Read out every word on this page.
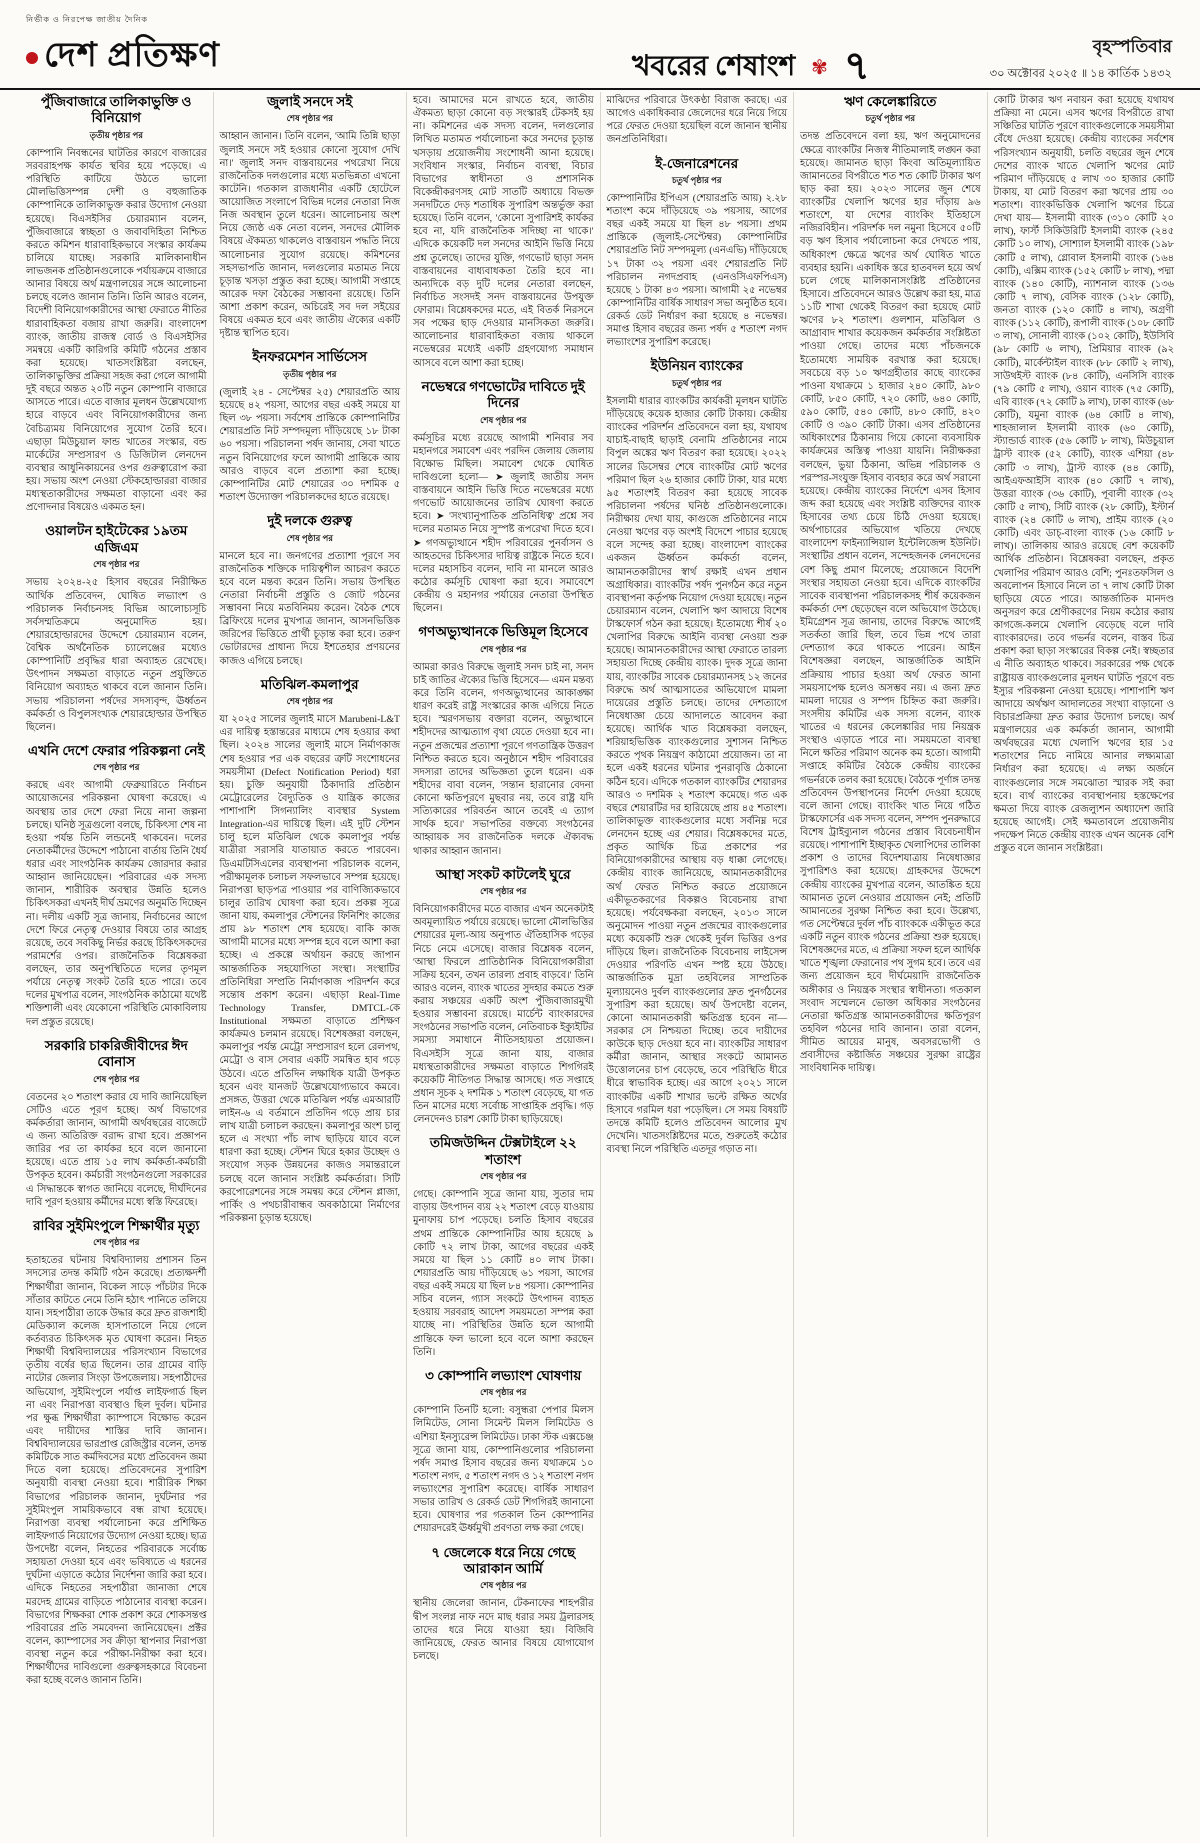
নির্ভীক ও নিরপেক্ষ জাতীয় দৈনিক
দেশ প্রতিক্ষণ	খবরের শেষাংশ ✾ ৭	বৃহস্পতিবার
৩০ অক্টোবর ২০২৫ ॥ ১৪ কার্তিক ১৪৩২
পুঁজিবাজারে তালিকাভুক্তি ও বিনিয়োগ
তৃতীয় পৃষ্ঠার পর

কোম্পানি নিবন্ধনের ঘাটতির কারণে বাজারের সরবরাহপক্ষ কার্যত স্থবির হয়ে পড়েছে। এ পরিস্থিতি কাটিয়ে উঠতে ভালো মৌলভিত্তিসম্পন্ন দেশী ও বহুজাতিক কোম্পানিকে তালিকাভুক্ত করার উদ্যোগ নেওয়া হয়েছে। বিএসইসির চেয়ারম্যান বলেন, পুঁজিবাজারে স্বচ্ছতা ও জবাবদিহিতা নিশ্চিত করতে কমিশন ধারাবাহিকভাবে সংস্কার কার্যক্রম চালিয়ে যাচ্ছে। সরকারি মালিকানাধীন লাভজনক প্রতিষ্ঠানগুলোকে পর্যায়ক্রমে বাজারে আনার বিষয়ে অর্থ মন্ত্রণালয়ের সঙ্গে আলোচনা চলছে বলেও জানান তিনি। তিনি আরও বলেন, বিদেশী বিনিয়োগকারীদের আস্থা ফেরাতে নীতির ধারাবাহিকতা বজায় রাখা জরুরি। বাংলাদেশ ব্যাংক, জাতীয় রাজস্ব বোর্ড ও বিএসইসির সমন্বয়ে একটি কারিগরি কমিটি গঠনের প্রস্তাব করা হয়েছে। খাতসংশ্লিষ্টরা বলছেন, তালিকাভুক্তির প্রক্রিয়া সহজ করা গেলে আগামী দুই বছরে অন্তত ২০টি নতুন কোম্পানি বাজারে আসতে পারে। এতে বাজার মূলধন উল্লেখযোগ্য হারে বাড়বে এবং বিনিয়োগকারীদের জন্য বৈচিত্র্যময় বিনিয়োগের সুযোগ তৈরি হবে। এছাড়া মিউচুয়াল ফান্ড খাতের সংস্কার, বন্ড মার্কেটের সম্প্রসারণ ও ডিজিটাল লেনদেন ব্যবস্থার আধুনিকায়নের ওপর গুরুত্বারোপ করা হয়। সভায় অংশ নেওয়া স্টেকহোল্ডাররা বাজার মধ্যস্থতাকারীদের সক্ষমতা বাড়ানো এবং কর প্রণোদনার বিষয়েও একমত হন।

ওয়ালটন হাইটেকের ১৯তম এজিএম
শেষ পৃষ্ঠার পর

সভায় ২০২৪-২৫ হিসাব বছরের নিরীক্ষিত আর্থিক প্রতিবেদন, ঘোষিত লভ্যাংশ ও পরিচালক নির্বাচনসহ বিভিন্ন আলোচ্যসূচি সর্বসম্মতিক্রমে অনুমোদিত হয়। শেয়ারহোল্ডারদের উদ্দেশে চেয়ারম্যান বলেন, বৈশ্বিক অর্থনৈতিক চ্যালেঞ্জের মধ্যেও কোম্পানিটি প্রবৃদ্ধির ধারা অব্যাহত রেখেছে। উৎপাদন সক্ষমতা বাড়াতে নতুন প্রযুক্তিতে বিনিয়োগ অব্যাহত থাকবে বলে জানান তিনি। সভায় পরিচালনা পর্ষদের সদস্যবৃন্দ, ঊর্ধ্বতন কর্মকর্তা ও বিপুলসংখ্যক শেয়ারহোল্ডার উপস্থিত ছিলেন।

এখনি দেশে ফেরার পরিকল্পনা নেই
শেষ পৃষ্ঠার পর

করছে এবং আগামী ফেব্রুয়ারিতে নির্বাচন আয়োজনের পরিকল্পনা ঘোষণা করেছে। এ অবস্থায় তার দেশে ফেরা নিয়ে নানা জল্পনা চলছে। ঘনিষ্ঠ সূত্রগুলো বলছে, চিকিৎসা শেষ না হওয়া পর্যন্ত তিনি লন্ডনেই থাকবেন। দলের নেতাকর্মীদের উদ্দেশে পাঠানো বার্তায় তিনি ধৈর্য ধরার এবং সাংগঠনিক কার্যক্রম জোরদার করার আহ্বান জানিয়েছেন। পরিবারের এক সদস্য জানান, শারীরিক অবস্থার উন্নতি হলেও চিকিৎসকরা এখনই দীর্ঘ ভ্রমণের অনুমতি দিচ্ছেন না। দলীয় একটি সূত্র জানায়, নির্বাচনের আগে দেশে ফিরে নেতৃত্ব দেওয়ার বিষয়ে তার আগ্রহ রয়েছে, তবে সবকিছু নির্ভর করছে চিকিৎসকদের পরামর্শের ওপর। রাজনৈতিক বিশ্লেষকরা বলছেন, তার অনুপস্থিতিতে দলের তৃণমূল পর্যায়ে নেতৃত্ব সংকট তৈরি হতে পারে। তবে দলের মুখপাত্র বলেন, সাংগঠনিক কাঠামো যথেষ্ট শক্তিশালী এবং যেকোনো পরিস্থিতি মোকাবিলায় দল প্রস্তুত রয়েছে।

সরকারি চাকরিজীবীদের ঈদ বোনাস
শেষ পৃষ্ঠার পর

বেতনের ২০ শতাংশ করার যে দাবি জানিয়েছিল সেটিও এতে পূরণ হচ্ছে। অর্থ বিভাগের কর্মকর্তারা জানান, আগামী অর্থবছরের বাজেটে এ জন্য অতিরিক্ত বরাদ্দ রাখা হবে। প্রজ্ঞাপন জারির পর তা কার্যকর হবে বলে জানানো হয়েছে। এতে প্রায় ১৫ লাখ কর্মকর্তা-কর্মচারী উপকৃত হবেন। কর্মচারী সংগঠনগুলো সরকারের এ সিদ্ধান্তকে স্বাগত জানিয়ে বলেছে, দীর্ঘদিনের দাবি পূরণ হওয়ায় কর্মীদের মধ্যে স্বস্তি ফিরেছে।

রাবির সুইমিংপুলে শিক্ষার্থীর মৃত্যু
শেষ পৃষ্ঠার পর

হতাহতের ঘটনায় বিশ্ববিদ্যালয় প্রশাসন তিন সদস্যের তদন্ত কমিটি গঠন করেছে। প্রত্যক্ষদর্শী শিক্ষার্থীরা জানান, বিকেল সাড়ে পাঁচটার দিকে সাঁতার কাটতে নেমে তিনি হঠাৎ পানিতে তলিয়ে যান। সহপাঠীরা তাকে উদ্ধার করে দ্রুত রাজশাহী মেডিক্যাল কলেজ হাসপাতালে নিয়ে গেলে কর্তব্যরত চিকিৎসক মৃত ঘোষণা করেন। নিহত শিক্ষার্থী বিশ্ববিদ্যালয়ের পরিসংখ্যান বিভাগের তৃতীয় বর্ষের ছাত্র ছিলেন। তার গ্রামের বাড়ি নাটোর জেলার সিংড়া উপজেলায়। সহপাঠীদের অভিযোগ, সুইমিংপুলে পর্যাপ্ত লাইফগার্ড ছিল না এবং নিরাপত্তা ব্যবস্থাও ছিল দুর্বল। ঘটনার পর ক্ষুব্ধ শিক্ষার্থীরা ক্যাম্পাসে বিক্ষোভ করেন এবং দায়ীদের শাস্তির দাবি জানান। বিশ্ববিদ্যালয়ের ভারপ্রাপ্ত রেজিস্ট্রার বলেন, তদন্ত কমিটিকে সাত কর্মদিবসের মধ্যে প্রতিবেদন জমা দিতে বলা হয়েছে। প্রতিবেদনের সুপারিশ অনুযায়ী ব্যবস্থা নেওয়া হবে। শারীরিক শিক্ষা বিভাগের পরিচালক জানান, দুর্ঘটনার পর সুইমিংপুল সাময়িকভাবে বন্ধ রাখা হয়েছে। নিরাপত্তা ব্যবস্থা পর্যালোচনা করে প্রশিক্ষিত লাইফগার্ড নিয়োগের উদ্যোগ নেওয়া হচ্ছে। ছাত্র উপদেষ্টা বলেন, নিহতের পরিবারকে সর্বোচ্চ সহায়তা দেওয়া হবে এবং ভবিষ্যতে এ ধরনের দুর্ঘটনা এড়াতে কঠোর নির্দেশনা জারি করা হবে। এদিকে নিহতের সহপাঠীরা জানাজা শেষে মরদেহ গ্রামের বাড়িতে পাঠানোর ব্যবস্থা করেন। বিভাগের শিক্ষকরা শোক প্রকাশ করে শোকসন্তপ্ত পরিবারের প্রতি সমবেদনা জানিয়েছেন। প্রক্টর বলেন, ক্যাম্পাসের সব ক্রীড়া স্থাপনার নিরাপত্তা ব্যবস্থা নতুন করে পরীক্ষা-নিরীক্ষা করা হবে। শিক্ষার্থীদের দাবিগুলো গুরুত্বসহকারে বিবেচনা করা হচ্ছে বলেও জানান তিনি।

জুলাই সনদে সই
শেষ পৃষ্ঠার পর

আহ্বান জানান। তিনি বলেন, 'আমি তিন্নি ছাড়া জুলাই সনদে সই হওয়ার কোনো সুযোগ দেখি না।' জুলাই সনদ বাস্তবায়নের পথরেখা নিয়ে রাজনৈতিক দলগুলোর মধ্যে মতভিন্নতা এখনো কাটেনি। গতকাল রাজধানীর একটি হোটেলে আয়োজিত সংলাপে বিভিন্ন দলের নেতারা নিজ নিজ অবস্থান তুলে ধরেন। আলোচনায় অংশ নিয়ে জ্যেষ্ঠ এক নেতা বলেন, সনদের মৌলিক বিষয়ে ঐকমত্য থাকলেও বাস্তবায়ন পদ্ধতি নিয়ে আলোচনার সুযোগ রয়েছে। কমিশনের সহসভাপতি জানান, দলগুলোর মতামত নিয়ে চূড়ান্ত খসড়া প্রস্তুত করা হচ্ছে। আগামী সপ্তাহে আরেক দফা বৈঠকের সম্ভাবনা রয়েছে। তিনি আশা প্রকাশ করেন, অচিরেই সব দল সইয়ের বিষয়ে একমত হবে এবং জাতীয় ঐক্যের একটি দৃষ্টান্ত স্থাপিত হবে।

ইনফরমেশন সার্ভিসেস
তৃতীয় পৃষ্ঠার পর

(জুলাই ২৪ - সেপ্টেম্বর ২৫) শেয়ারপ্রতি আয় হয়েছে ৪২ পয়সা, আগের বছর একই সময়ে যা ছিল ৩৮ পয়সা। সর্বশেষ প্রান্তিকে কোম্পানিটির শেয়ারপ্রতি নিট সম্পদমূল্য দাঁড়িয়েছে ১৮ টাকা ৬০ পয়সা। পরিচালনা পর্ষদ জানায়, সেবা খাতে নতুন বিনিয়োগের ফলে আগামী প্রান্তিকে আয় আরও বাড়বে বলে প্রত্যাশা করা হচ্ছে। কোম্পানিটির মোট শেয়ারের ৩০ দশমিক ৫ শতাংশ উদ্যোক্তা পরিচালকদের হাতে রয়েছে।

দুই দলকে গুরুত্ব
শেষ পৃষ্ঠার পর

মানলে হবে না। জনগণের প্রত্যাশা পূরণে সব রাজনৈতিক শক্তিকে দায়িত্বশীল আচরণ করতে হবে বলে মন্তব্য করেন তিনি। সভায় উপস্থিত নেতারা নির্বাচনী প্রস্তুতি ও জোট গঠনের সম্ভাবনা নিয়ে মতবিনিময় করেন। বৈঠক শেষে ব্রিফিংয়ে দলের মুখপাত্র জানান, আসনভিত্তিক জরিপের ভিত্তিতে প্রার্থী চূড়ান্ত করা হবে। তরুণ ভোটারদের প্রাধান্য দিয়ে ইশতেহার প্রণয়নের কাজও এগিয়ে চলছে।

মতিঝিল-কমলাপুর
শেষ পৃষ্ঠার পর

যা ২০২৫ সালের জুলাই মাসে Marubeni-L&T এর দায়িত্ব হস্তান্তরের মাধ্যমে শেষ হওয়ার কথা ছিল। ২০২৪ সালের জুলাই মাসে নির্মাণকাজ শেষ হওয়ার পর এক বছরের ত্রুটি সংশোধনের সময়সীমা (Defect Notification Period) ধরা হয়। চুক্তি অনুযায়ী ঠিকাদারি প্রতিষ্ঠান মেট্রোরেলের বৈদ্যুতিক ও যান্ত্রিক কাজের পাশাপাশি সিগন্যালিং ব্যবস্থার System Integration-এর দায়িত্বে ছিল। এই দুটি স্টেশন চালু হলে মতিঝিল থেকে কমলাপুর পর্যন্ত যাত্রীরা সরাসরি যাতায়াত করতে পারবেন। ডিএমটিসিএলের ব্যবস্থাপনা পরিচালক বলেন, পরীক্ষামূলক চলাচল সফলভাবে সম্পন্ন হয়েছে। নিরাপত্তা ছাড়পত্র পাওয়ার পর বাণিজ্যিকভাবে চালুর তারিখ ঘোষণা করা হবে। প্রকল্প সূত্রে জানা যায়, কমলাপুর স্টেশনের ফিনিশিং কাজের প্রায় ৯৮ শতাংশ শেষ হয়েছে। বাকি কাজ আগামী মাসের মধ্যে সম্পন্ন হবে বলে আশা করা হচ্ছে। এ প্রকল্পে অর্থায়ন করছে জাপান আন্তর্জাতিক সহযোগিতা সংস্থা। সংস্থাটির প্রতিনিধিরা সম্প্রতি নির্মাণকাজ পরিদর্শন করে সন্তোষ প্রকাশ করেন। এছাড়া Real-Time Technology Transfer, DMTCL-কে Institutional সক্ষমতা বাড়াতে প্রশিক্ষণ কার্যক্রমও চলমান রয়েছে। বিশেষজ্ঞরা বলছেন, কমলাপুর পর্যন্ত মেট্রো সম্প্রসারণ হলে রেলপথ, মেট্রো ও বাস সেবার একটি সমন্বিত হাব গড়ে উঠবে। এতে প্রতিদিন লক্ষাধিক যাত্রী উপকৃত হবেন এবং যানজট উল্লেখযোগ্যভাবে কমবে। প্রসঙ্গত, উত্তরা থেকে মতিঝিল পর্যন্ত এমআরটি লাইন-৬ এ বর্তমানে প্রতিদিন গড়ে প্রায় চার লাখ যাত্রী চলাচল করছেন। কমলাপুর অংশ চালু হলে এ সংখ্যা পাঁচ লাখ ছাড়িয়ে যাবে বলে ধারণা করা হচ্ছে। স্টেশন ঘিরে হকার উচ্ছেদ ও সংযোগ সড়ক উন্নয়নের কাজও সমান্তরালে চলছে বলে জানান সংশ্লিষ্ট কর্মকর্তারা। সিটি করপোরেশনের সঙ্গে সমন্বয় করে স্টেশন প্লাজা, পার্কিং ও পথচারীবান্ধব অবকাঠামো নির্মাণের পরিকল্পনা চূড়ান্ত হয়েছে।

হবে। আমাদের মনে রাখতে হবে, জাতীয় ঐকমত্য ছাড়া কোনো বড় সংস্কারই টেকসই হয় না। কমিশনের এক সদস্য বলেন, দলগুলোর লিখিত মতামত পর্যালোচনা করে সনদের চূড়ান্ত খসড়ায় প্রয়োজনীয় সংশোধনী আনা হয়েছে। সংবিধান সংস্কার, নির্বাচন ব্যবস্থা, বিচার বিভাগের স্বাধীনতা ও প্রশাসনিক বিকেন্দ্রীকরণসহ মোট সাতটি অধ্যায়ে বিভক্ত সনদটিতে দেড় শতাধিক সুপারিশ অন্তর্ভুক্ত করা হয়েছে। তিনি বলেন, 'কোনো সুপারিশই কার্যকর হবে না, যদি রাজনৈতিক সদিচ্ছা না থাকে।' এদিকে কয়েকটি দল সনদের আইনি ভিত্তি নিয়ে প্রশ্ন তুলেছে। তাদের যুক্তি, গণভোট ছাড়া সনদ বাস্তবায়নের বাধ্যবাধকতা তৈরি হবে না। অন্যদিকে বড় দুটি দলের নেতারা বলছেন, নির্বাচিত সংসদই সনদ বাস্তবায়নের উপযুক্ত ফোরাম। বিশ্লেষকদের মতে, এই বিতর্ক নিরসনে সব পক্ষের ছাড় দেওয়ার মানসিকতা জরুরি। আলোচনার ধারাবাহিকতা বজায় থাকলে নভেম্বরের মধ্যেই একটি গ্রহণযোগ্য সমাধান আসবে বলে আশা করা হচ্ছে।

নভেম্বরে গণভোটের দাবিতে দুই দিনের
শেষ পৃষ্ঠার পর

কর্মসূচির মধ্যে রয়েছে আগামী শনিবার সব মহানগরে সমাবেশ এবং পরদিন জেলায় জেলায় বিক্ষোভ মিছিল। সমাবেশ থেকে ঘোষিত দাবিগুলো হলো— ➤ জুলাই জাতীয় সনদ বাস্তবায়নে আইনি ভিত্তি দিতে নভেম্বরের মধ্যে গণভোট আয়োজনের তারিখ ঘোষণা করতে হবে। ➤ 'সংখ্যানুপাতিক প্রতিনিধিত্ব' প্রশ্নে সব দলের মতামত নিয়ে সুস্পষ্ট রূপরেখা দিতে হবে। ➤ গণঅভ্যুত্থানে শহীদ পরিবারের পুনর্বাসন ও আহতদের চিকিৎসার দায়িত্ব রাষ্ট্রকে নিতে হবে। দলের মহাসচিব বলেন, দাবি না মানলে আরও কঠোর কর্মসূচি ঘোষণা করা হবে। সমাবেশে কেন্দ্রীয় ও মহানগর পর্যায়ের নেতারা উপস্থিত ছিলেন।

গণঅভ্যুত্থানকে ভিত্তিমূল হিসেবে
শেষ পৃষ্ঠার পর

আমরা কারও বিরুদ্ধে জুলাই সনদ চাই না, সনদ চাই জাতির ঐক্যের ভিত্তি হিসেবে— এমন মন্তব্য করে তিনি বলেন, গণঅভ্যুত্থানের আকাঙ্ক্ষা ধারণ করেই রাষ্ট্র সংস্কারের কাজ এগিয়ে নিতে হবে। স্মরণসভায় বক্তারা বলেন, অভ্যুত্থানে শহীদদের আত্মত্যাগ বৃথা যেতে দেওয়া হবে না। নতুন প্রজন্মের প্রত্যাশা পূরণে গণতান্ত্রিক উত্তরণ নিশ্চিত করতে হবে। অনুষ্ঠানে শহীদ পরিবারের সদস্যরা তাদের অভিজ্ঞতা তুলে ধরেন। এক শহীদের বাবা বলেন, 'সন্তান হারানোর বেদনা কোনো ক্ষতিপূরণে মুছবার নয়, তবে রাষ্ট্র যদি সত্যিকারের পরিবর্তন আনে তবেই এ ত্যাগ সার্থক হবে।' সভাপতির বক্তব্যে সংগঠনের আহ্বায়ক সব রাজনৈতিক দলকে ঐক্যবদ্ধ থাকার আহ্বান জানান।

আস্থা সংকট কাটলেই ঘুরে
শেষ পৃষ্ঠার পর

বিনিয়োগকারীদের মতে বাজার এখন অনেকটাই অবমূল্যায়িত পর্যায়ে রয়েছে। ভালো মৌলভিত্তির শেয়ারের মূল্য-আয় অনুপাত ঐতিহাসিক গড়ের নিচে নেমে এসেছে। বাজার বিশ্লেষক বলেন, 'আস্থা ফিরলে প্রাতিষ্ঠানিক বিনিয়োগকারীরা সক্রিয় হবেন, তখন তারল্য প্রবাহ বাড়বে।' তিনি আরও বলেন, ব্যাংক খাতের সুদহার কমতে শুরু করায় সঞ্চয়ের একটি অংশ পুঁজিবাজারমুখী হওয়ার সম্ভাবনা রয়েছে। মার্চেন্ট ব্যাংকারদের সংগঠনের সভাপতি বলেন, নেতিবাচক ইক্যুইটির সমস্যা সমাধানে নীতিসহায়তা প্রয়োজন। বিএসইসি সূত্রে জানা যায়, বাজার মধ্যস্থতাকারীদের সক্ষমতা বাড়াতে শিগগিরই কয়েকটি নীতিগত সিদ্ধান্ত আসছে। গত সপ্তাহে প্রধান সূচক ২ দশমিক ১ শতাংশ বেড়েছে, যা গত তিন মাসের মধ্যে সর্বোচ্চ সাপ্তাহিক প্রবৃদ্ধি। গড় লেনদেনও চারশ কোটি টাকা ছাড়িয়েছে।

তমিজউদ্দিন টেক্সটাইলে ২২ শতাংশ
শেষ পৃষ্ঠার পর

গেছে। কোম্পানি সূত্রে জানা যায়, সুতার দাম বাড়ায় উৎপাদন ব্যয় ২২ শতাংশ বেড়ে যাওয়ায় মুনাফায় চাপ পড়েছে। চলতি হিসাব বছরের প্রথম প্রান্তিকে কোম্পানিটির আয় হয়েছে ৯ কোটি ৭২ লাখ টাকা, আগের বছরের একই সময়ে যা ছিল ১১ কোটি ৪০ লাখ টাকা। শেয়ারপ্রতি আয় দাঁড়িয়েছে ৬১ পয়সা, আগের বছর একই সময়ে যা ছিল ৮৪ পয়সা। কোম্পানির সচিব বলেন, গ্যাস সংকটে উৎপাদন ব্যাহত হওয়ায় সরবরাহ আদেশ সময়মতো সম্পন্ন করা যাচ্ছে না। পরিস্থিতির উন্নতি হলে আগামী প্রান্তিকে ফল ভালো হবে বলে আশা করছেন তিনি।

৩ কোম্পানি লভ্যাংশ ঘোষণায়
শেষ পৃষ্ঠার পর

কোম্পানি তিনটি হলো: বসুন্ধরা পেপার মিলস লিমিটেড, সোনা সিমেন্ট মিলস লিমিটেড ও এশিয়া ইনস্যুরেন্স লিমিটেড। ঢাকা স্টক এক্সচেঞ্জ সূত্রে জানা যায়, কোম্পানিগুলোর পরিচালনা পর্ষদ সমাপ্ত হিসাব বছরের জন্য যথাক্রমে ১০ শতাংশ নগদ, ৫ শতাংশ নগদ ও ১২ শতাংশ নগদ লভ্যাংশের সুপারিশ করেছে। বার্ষিক সাধারণ সভার তারিখ ও রেকর্ড ডেট শিগগিরই জানানো হবে। ঘোষণার পর গতকাল তিন কোম্পানির শেয়ারদরেই ঊর্ধ্বমুখী প্রবণতা লক্ষ করা গেছে।

৭ জেলেকে ধরে নিয়ে গেছে আরাকান আর্মি
শেষ পৃষ্ঠার পর

স্থানীয় জেলেরা জানান, টেকনাফের শাহপরীর দ্বীপ সংলগ্ন নাফ নদে মাছ ধরার সময় ট্রলারসহ তাদের ধরে নিয়ে যাওয়া হয়। বিজিবি জানিয়েছে, ফেরত আনার বিষয়ে যোগাযোগ চলছে।

মাঝিদের পরিবারে উৎকণ্ঠা বিরাজ করছে। এর আগেও একাধিকবার জেলেদের ধরে নিয়ে গিয়ে পরে ফেরত দেওয়া হয়েছিল বলে জানান স্থানীয় জনপ্রতিনিধিরা।

ই-জেনারেশনের
চতুর্থ পৃষ্ঠার পর

কোম্পানিটির ইপিএস (শেয়ারপ্রতি আয়) ২.২৮ শতাংশ কমে দাঁড়িয়েছে ৩৯ পয়সায়, আগের বছর একই সময়ে যা ছিল ৪৮ পয়সা। প্রথম প্রান্তিকে (জুলাই-সেপ্টেম্বর) কোম্পানিটির শেয়ারপ্রতি নিট সম্পদমূল্য (এনএভি) দাঁড়িয়েছে ১৭ টাকা ৩২ পয়সা এবং শেয়ারপ্রতি নিট পরিচালন নগদপ্রবাহ (এনওসিএফপিএস) হয়েছে ১ টাকা ৪৩ পয়সা। আগামী ২৫ নভেম্বর কোম্পানিটির বার্ষিক সাধারণ সভা অনুষ্ঠিত হবে। রেকর্ড ডেট নির্ধারণ করা হয়েছে ৪ নভেম্বর। সমাপ্ত হিসাব বছরের জন্য পর্ষদ ৫ শতাংশ নগদ লভ্যাংশের সুপারিশ করেছে।

ইউনিয়ন ব্যাংকের
চতুর্থ পৃষ্ঠার পর

ইসলামী ধারার ব্যাংকটির কার্যকরী মূলধন ঘাটতি দাঁড়িয়েছে কয়েক হাজার কোটি টাকায়। কেন্দ্রীয় ব্যাংকের পরিদর্শন প্রতিবেদনে বলা হয়, যথাযথ যাচাই-বাছাই ছাড়াই বেনামি প্রতিষ্ঠানের নামে বিপুল অঙ্কের ঋণ বিতরণ করা হয়েছে। ২০২২ সালের ডিসেম্বর শেষে ব্যাংকটির মোট ঋণের পরিমাণ ছিল ২৬ হাজার কোটি টাকা, যার মধ্যে ৯৫ শতাংশই বিতরণ করা হয়েছে সাবেক পরিচালনা পর্ষদের ঘনিষ্ঠ প্রতিষ্ঠানগুলোকে। নিরীক্ষায় দেখা যায়, কাগুজে প্রতিষ্ঠানের নামে নেওয়া ঋণের বড় অংশই বিদেশে পাচার হয়েছে বলে সন্দেহ করা হচ্ছে। বাংলাদেশ ব্যাংকের একজন ঊর্ধ্বতন কর্মকর্তা বলেন, আমানতকারীদের স্বার্থ রক্ষাই এখন প্রধান অগ্রাধিকার। ব্যাংকটির পর্ষদ পুনর্গঠন করে নতুন ব্যবস্থাপনা কর্তৃপক্ষ নিয়োগ দেওয়া হয়েছে। নতুন চেয়ারম্যান বলেন, খেলাপি ঋণ আদায়ে বিশেষ টাস্কফোর্স গঠন করা হয়েছে। ইতোমধ্যে শীর্ষ ২০ খেলাপির বিরুদ্ধে আইনি ব্যবস্থা নেওয়া শুরু হয়েছে। আমানতকারীদের আস্থা ফেরাতে তারল্য সহায়তা দিচ্ছে কেন্দ্রীয় ব্যাংক। দুদক সূত্রে জানা যায়, ব্যাংকটির সাবেক চেয়ারম্যানসহ ১২ জনের বিরুদ্ধে অর্থ আত্মসাতের অভিযোগে মামলা দায়েরের প্রস্তুতি চলছে। তাদের দেশত্যাগে নিষেধাজ্ঞা চেয়ে আদালতে আবেদন করা হয়েছে। আর্থিক খাত বিশ্লেষকরা বলছেন, শরিয়াহভিত্তিক ব্যাংকগুলোর সুশাসন নিশ্চিত করতে পৃথক নিয়ন্ত্রণ কাঠামো প্রয়োজন। তা না হলে একই ধরনের ঘটনার পুনরাবৃত্তি ঠেকানো কঠিন হবে। এদিকে গতকাল ব্যাংকটির শেয়ারদর আরও ৩ দশমিক ২ শতাংশ কমেছে। গত এক বছরে শেয়ারটির দর হারিয়েছে প্রায় ৪৫ শতাংশ। তালিকাভুক্ত ব্যাংকগুলোর মধ্যে সর্বনিম্ন দরে লেনদেন হচ্ছে এর শেয়ার। বিশ্লেষকদের মতে, প্রকৃত আর্থিক চিত্র প্রকাশের পর বিনিয়োগকারীদের আস্থায় বড় ধাক্কা লেগেছে। কেন্দ্রীয় ব্যাংক জানিয়েছে, আমানতকারীদের অর্থ ফেরত নিশ্চিত করতে প্রয়োজনে একীভূতকরণের বিকল্পও বিবেচনায় রাখা হয়েছে। পর্যবেক্ষকরা বলছেন, ২০১৩ সালে অনুমোদন পাওয়া নতুন প্রজন্মের ব্যাংকগুলোর মধ্যে কয়েকটি শুরু থেকেই দুর্বল ভিত্তির ওপর দাঁড়িয়ে ছিল। রাজনৈতিক বিবেচনায় লাইসেন্স দেওয়ার পরিণতি এখন স্পষ্ট হয়ে উঠছে। আন্তর্জাতিক মুদ্রা তহবিলের সাম্প্রতিক মূল্যায়নেও দুর্বল ব্যাংকগুলোর দ্রুত পুনর্গঠনের সুপারিশ করা হয়েছে। অর্থ উপদেষ্টা বলেন, কোনো আমানতকারী ক্ষতিগ্রস্ত হবেন না— সরকার সে নিশ্চয়তা দিচ্ছে। তবে দায়ীদের কাউকে ছাড় দেওয়া হবে না। ব্যাংকটির সাধারণ কর্মীরা জানান, আস্থার সংকটে আমানত উত্তোলনের চাপ বেড়েছে, তবে পরিস্থিতি ধীরে ধীরে স্বাভাবিক হচ্ছে। এর আগে ২০২১ সালে ব্যাংকটির একটি শাখার ভল্টে রক্ষিত অর্থের হিসাবে গরমিল ধরা পড়েছিল। সে সময় বিষয়টি তদন্তে কমিটি হলেও প্রতিবেদন আলোর মুখ দেখেনি। খাতসংশ্লিষ্টদের মতে, শুরুতেই কঠোর ব্যবস্থা নিলে পরিস্থিতি এতদূর গড়াত না।

ঋণ কেলেঙ্কারিতে
চতুর্থ পৃষ্ঠার পর

তদন্ত প্রতিবেদনে বলা হয়, ঋণ অনুমোদনের ক্ষেত্রে ব্যাংকটির নিজস্ব নীতিমালাই লঙ্ঘন করা হয়েছে। জামানত ছাড়া কিংবা অতিমূল্যায়িত জামানতের বিপরীতে শত শত কোটি টাকার ঋণ ছাড় করা হয়। ২০২৩ সালের জুন শেষে ব্যাংকটির খেলাপি ঋণের হার দাঁড়ায় ৯৬ শতাংশে, যা দেশের ব্যাংকিং ইতিহাসে নজিরবিহীন। পরিদর্শক দল নমুনা হিসেবে ৫০টি বড় ঋণ হিসাব পর্যালোচনা করে দেখতে পায়, অধিকাংশ ক্ষেত্রে ঋণের অর্থ ঘোষিত খাতে ব্যবহার হয়নি। একাধিক স্তরে হাতবদল হয়ে অর্থ চলে গেছে মালিকানাসংশ্লিষ্ট প্রতিষ্ঠানের হিসাবে। প্রতিবেদনে আরও উল্লেখ করা হয়, মাত্র ১১টি শাখা থেকেই বিতরণ করা হয়েছে মোট ঋণের ৮২ শতাংশ। গুলশান, মতিঝিল ও আগ্রাবাদ শাখার কয়েকজন কর্মকর্তার সংশ্লিষ্টতা পাওয়া গেছে। তাদের মধ্যে পাঁচজনকে ইতোমধ্যে সাময়িক বরখাস্ত করা হয়েছে। সবচেয়ে বড় ১০ ঋণগ্রহীতার কাছে ব্যাংকের পাওনা যথাক্রমে ১ হাজার ২৪০ কোটি, ৯৮০ কোটি, ৮৫০ কোটি, ৭২০ কোটি, ৬৪০ কোটি, ৫৯০ কোটি, ৫৪০ কোটি, ৪৮০ কোটি, ৪২০ কোটি ও ৩৯০ কোটি টাকা। এসব প্রতিষ্ঠানের অধিকাংশের ঠিকানায় গিয়ে কোনো ব্যবসায়িক কার্যক্রমের অস্তিত্ব পাওয়া যায়নি। নিরীক্ষকরা বলছেন, ভুয়া ঠিকানা, অভিন্ন পরিচালক ও পরস্পর-সংযুক্ত হিসাব ব্যবহার করে অর্থ সরানো হয়েছে। কেন্দ্রীয় ব্যাংকের নির্দেশে এসব হিসাব জব্দ করা হয়েছে এবং সংশ্লিষ্ট ব্যক্তিদের ব্যাংক হিসাবের তথ্য চেয়ে চিঠি দেওয়া হয়েছে। অর্থপাচারের অভিযোগ খতিয়ে দেখছে বাংলাদেশ ফাইন্যান্সিয়াল ইন্টেলিজেন্স ইউনিট। সংস্থাটির প্রধান বলেন, সন্দেহজনক লেনদেনের বেশ কিছু প্রমাণ মিলেছে; প্রয়োজনে বিদেশি সংস্থার সহায়তা নেওয়া হবে। এদিকে ব্যাংকটির সাবেক ব্যবস্থাপনা পরিচালকসহ শীর্ষ কয়েকজন কর্মকর্তা দেশ ছেড়েছেন বলে অভিযোগ উঠেছে। ইমিগ্রেশন সূত্র জানায়, তাদের বিরুদ্ধে আগেই সতর্কতা জারি ছিল, তবে ভিন্ন পথে তারা দেশত্যাগ করে থাকতে পারেন। আইন বিশেষজ্ঞরা বলছেন, আন্তর্জাতিক আইনি প্রক্রিয়ায় পাচার হওয়া অর্থ ফেরত আনা সময়সাপেক্ষ হলেও অসম্ভব নয়। এ জন্য দ্রুত মামলা দায়ের ও সম্পদ চিহ্নিত করা জরুরি। সংসদীয় কমিটির এক সদস্য বলেন, ব্যাংক খাতের এ ধরনের কেলেঙ্কারির দায় নিয়ন্ত্রক সংস্থাও এড়াতে পারে না। সময়মতো ব্যবস্থা নিলে ক্ষতির পরিমাণ অনেক কম হতো। আগামী সপ্তাহে কমিটির বৈঠকে কেন্দ্রীয় ব্যাংকের গভর্নরকে তলব করা হয়েছে। বৈঠকে পূর্ণাঙ্গ তদন্ত প্রতিবেদন উপস্থাপনের নির্দেশ দেওয়া হয়েছে বলে জানা গেছে। ব্যাংকিং খাত নিয়ে গঠিত টাস্কফোর্সের এক সদস্য বলেন, সম্পদ পুনরুদ্ধারে বিশেষ ট্রাইব্যুনাল গঠনের প্রস্তাব বিবেচনাধীন রয়েছে। পাশাপাশি ইচ্ছাকৃত খেলাপিদের তালিকা প্রকাশ ও তাদের বিদেশযাত্রায় নিষেধাজ্ঞার সুপারিশও করা হয়েছে। গ্রাহকদের উদ্দেশে কেন্দ্রীয় ব্যাংকের মুখপাত্র বলেন, আতঙ্কিত হয়ে আমানত তুলে নেওয়ার প্রয়োজন নেই; প্রতিটি আমানতের সুরক্ষা নিশ্চিত করা হবে। উল্লেখ্য, গত সেপ্টেম্বরে দুর্বল পাঁচ ব্যাংককে একীভূত করে একটি নতুন ব্যাংক গঠনের প্রক্রিয়া শুরু হয়েছে। বিশেষজ্ঞদের মতে, এ প্রক্রিয়া সফল হলে আর্থিক খাতে শৃঙ্খলা ফেরানোর পথ সুগম হবে। তবে এর জন্য প্রয়োজন হবে দীর্ঘমেয়াদি রাজনৈতিক অঙ্গীকার ও নিয়ন্ত্রক সংস্থার স্বাধীনতা। গতকাল সংবাদ সম্মেলনে ভোক্তা অধিকার সংগঠনের নেতারা ক্ষতিগ্রস্ত আমানতকারীদের ক্ষতিপূরণ তহবিল গঠনের দাবি জানান। তারা বলেন, সীমিত আয়ের মানুষ, অবসরভোগী ও প্রবাসীদের কষ্টার্জিত সঞ্চয়ের সুরক্ষা রাষ্ট্রের সাংবিধানিক দায়িত্ব।

কোটি টাকার ঋণ নবায়ন করা হয়েছে যথাযথ প্রক্রিয়া না মেনে। এসব ঋণের বিপরীতে রাখা সঞ্চিতির ঘাটতি পূরণে ব্যাংকগুলোকে সময়সীমা বেঁধে দেওয়া হয়েছে। কেন্দ্রীয় ব্যাংকের সর্বশেষ পরিসংখ্যান অনুযায়ী, চলতি বছরের জুন শেষে দেশের ব্যাংক খাতে খেলাপি ঋণের মোট পরিমাণ দাঁড়িয়েছে ৫ লাখ ৩০ হাজার কোটি টাকায়, যা মোট বিতরণ করা ঋণের প্রায় ৩০ শতাংশ। ব্যাংকভিত্তিক খেলাপি ঋণের চিত্রে দেখা যায়— ইসলামী ব্যাংক (৩১০ কোটি ২০ লাখ), ফার্স্ট সিকিউরিটি ইসলামী ব্যাংক (২৪৫ কোটি ১০ লাখ), সোশ্যাল ইসলামী ব্যাংক (১৯৮ কোটি ৫ লাখ), গ্লোবাল ইসলামী ব্যাংক (১৬৪ কোটি), এক্সিম ব্যাংক (১৫২ কোটি ৮ লাখ), পদ্মা ব্যাংক (১৪০ কোটি), ন্যাশনাল ব্যাংক (১৩৬ কোটি ৭ লাখ), বেসিক ব্যাংক (১২৮ কোটি), জনতা ব্যাংক (১২০ কোটি ৪ লাখ), অগ্রণী ব্যাংক (১১২ কোটি), রূপালী ব্যাংক (১০৮ কোটি ৩ লাখ), সোনালী ব্যাংক (১০২ কোটি), ইউসিবি (৯৮ কোটি ৬ লাখ), প্রিমিয়ার ব্যাংক (৯২ কোটি), মার্কেন্টাইল ব্যাংক (৮৮ কোটি ২ লাখ), সাউথইস্ট ব্যাংক (৮৪ কোটি), এনসিসি ব্যাংক (৭৯ কোটি ৫ লাখ), ওয়ান ব্যাংক (৭৫ কোটি), এবি ব্যাংক (৭২ কোটি ৯ লাখ), ঢাকা ব্যাংক (৬৮ কোটি), যমুনা ব্যাংক (৬৪ কোটি ৪ লাখ), শাহজালাল ইসলামী ব্যাংক (৬০ কোটি), স্ট্যান্ডার্ড ব্যাংক (৫৬ কোটি ৮ লাখ), মিউচুয়াল ট্রাস্ট ব্যাংক (৫২ কোটি), ব্যাংক এশিয়া (৪৮ কোটি ৩ লাখ), ট্রাস্ট ব্যাংক (৪৪ কোটি), আইএফআইসি ব্যাংক (৪০ কোটি ৭ লাখ), উত্তরা ব্যাংক (৩৬ কোটি), পূবালী ব্যাংক (৩২ কোটি ৫ লাখ), সিটি ব্যাংক (২৮ কোটি), ইস্টার্ন ব্যাংক (২৪ কোটি ৬ লাখ), প্রাইম ব্যাংক (২০ কোটি) এবং ডাচ্-বাংলা ব্যাংক (১৬ কোটি ৮ লাখ)। তালিকায় আরও রয়েছে বেশ কয়েকটি আর্থিক প্রতিষ্ঠান। বিশ্লেষকরা বলছেন, প্রকৃত খেলাপির পরিমাণ আরও বেশি; পুনঃতফসিল ও অবলোপন হিসাবে নিলে তা ৭ লাখ কোটি টাকা ছাড়িয়ে যেতে পারে। আন্তর্জাতিক মানদণ্ড অনুসরণ করে শ্রেণীকরণের নিয়ম কঠোর করায় কাগজে-কলমে খেলাপি বেড়েছে বলে দাবি ব্যাংকারদের। তবে গভর্নর বলেন, বাস্তব চিত্র প্রকাশ করা ছাড়া সংস্কারের বিকল্প নেই। স্বচ্ছতার এ নীতি অব্যাহত থাকবে। সরকারের পক্ষ থেকে রাষ্ট্রায়ত্ত ব্যাংকগুলোর মূলধন ঘাটতি পূরণে বন্ড ইস্যুর পরিকল্পনা নেওয়া হয়েছে। পাশাপাশি ঋণ আদায়ে অর্থঋণ আদালতের সংখ্যা বাড়ানো ও বিচারপ্রক্রিয়া দ্রুত করার উদ্যোগ চলছে। অর্থ মন্ত্রণালয়ের এক কর্মকর্তা জানান, আগামী অর্থবছরের মধ্যে খেলাপি ঋণের হার ১৫ শতাংশের নিচে নামিয়ে আনার লক্ষ্যমাত্রা নির্ধারণ করা হয়েছে। এ লক্ষ্য অর্জনে ব্যাংকগুলোর সঙ্গে সমঝোতা স্মারক সই করা হবে। ব্যর্থ ব্যাংকের ব্যবস্থাপনায় হস্তক্ষেপের ক্ষমতা দিয়ে ব্যাংক রেজল্যুশন অধ্যাদেশ জারি হয়েছে আগেই। সেই ক্ষমতাবলে প্রয়োজনীয় পদক্ষেপ নিতে কেন্দ্রীয় ব্যাংক এখন অনেক বেশি প্রস্তুত বলে জানান সংশ্লিষ্টরা।
